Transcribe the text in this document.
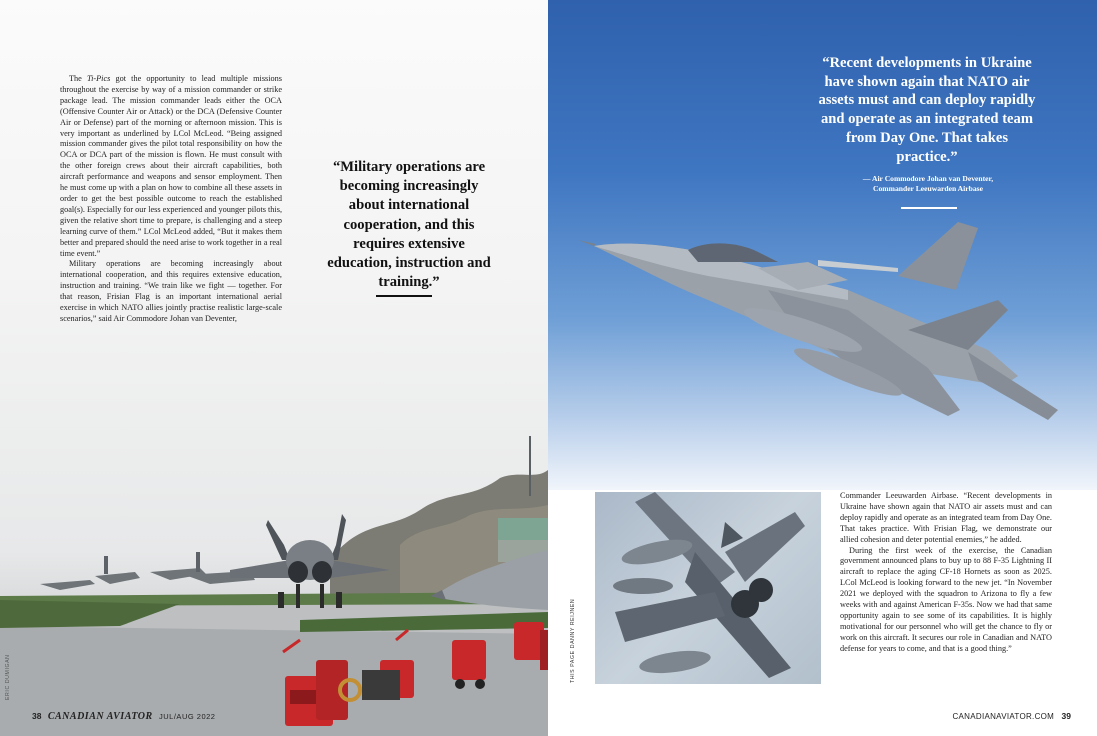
The Ti-Pics got the opportunity to lead multiple missions throughout the exercise by way of a mission commander or strike package lead. The mission commander leads either the OCA (Offensive Counter Air or Attack) or the DCA (Defensive Counter Air or Defense) part of the morning or afternoon mission. This is very important as underlined by LCol McLeod. “Being assigned mission commander gives the pilot total responsibility on how the OCA or DCA part of the mission is flown. He must consult with the other foreign crews about their aircraft capabilities, both aircraft performance and weapons and sensor employment. Then he must come up with a plan on how to combine all these assets in order to get the best possible outcome to reach the established goal(s). Especially for our less experienced and younger pilots this, given the relative short time to prepare, is challenging and a steep learning curve of them.” LCol McLeod added, “But it makes them better and prepared should the need arise to work together in a real time event.”

Military operations are becoming increasingly about international cooperation, and this requires extensive education, instruction and training. “We train like we fight — together. For that reason, Frisian Flag is an important international aerial exercise in which NATO allies jointly practise realistic large-scale scenarios,” said Air Commodore Johan van Deventer,

“Military operations are becoming increasingly about international cooperation, and this requires extensive education, instruction and training.”
ERIC DUMIGAN
38 CANADIAN AVIATOR JUL/AUG 2022
“Recent developments in Ukraine have shown again that NATO air assets must and can deploy rapidly and operate as an integrated team from Day One. That takes practice.”
— Air Commodore Johan van Deventer,
Commander Leeuwarden Airbase

Commander Leeuwarden Airbase. “Recent developments in Ukraine have shown again that NATO air assets must and can deploy rapidly and operate as an integrated team from Day One. That takes practice. With Frisian Flag, we demonstrate our allied cohesion and deter potential enemies,” he added.

During the first week of the exercise, the Canadian government announced plans to buy up to 88 F-35 Lightning II aircraft to replace the aging CF-18 Hornets as soon as 2025. LCol McLeod is looking forward to the new jet. “In November 2021 we deployed with the squadron to Arizona to fly a few weeks with and against American F-35s. Now we had that same opportunity again to see some of its capabilities. It is highly motivational for our personnel who will get the chance to fly or work on this aircraft. It secures our role in Canadian and NATO defense for years to come, and that is a good thing.”

CANADIANAVIATOR.COM 39
THIS PAGE DANNY REIJNEN
